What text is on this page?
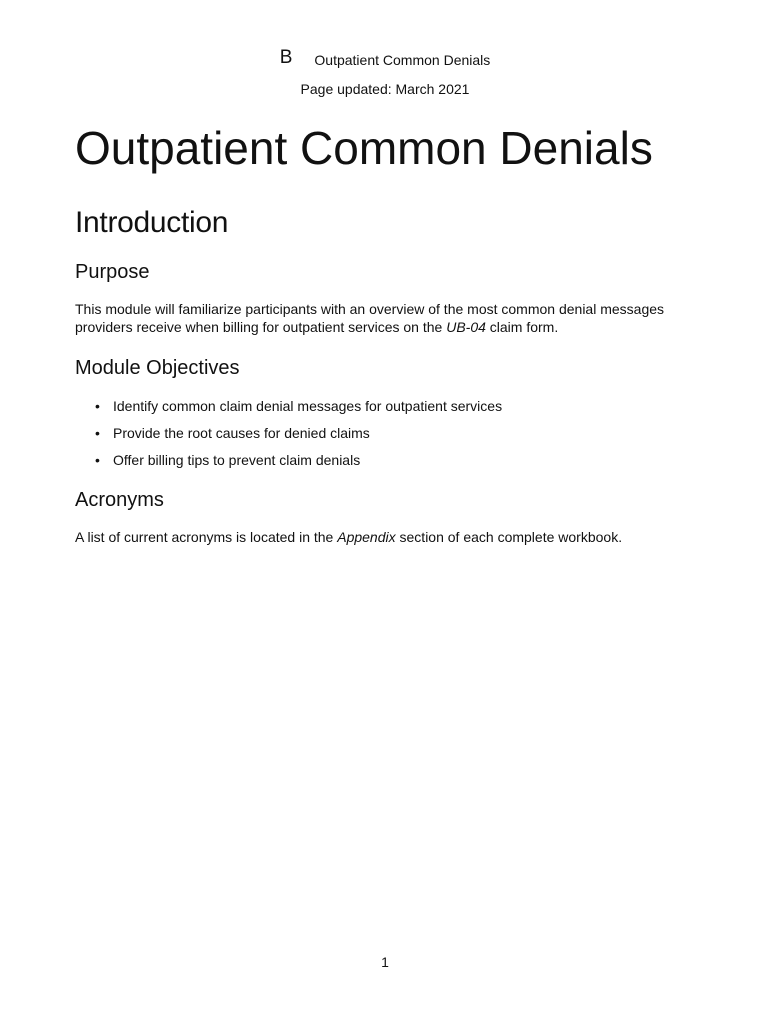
B Outpatient Common Denials
Page updated: March 2021
Outpatient Common Denials
Introduction
Purpose

This module will familiarize participants with an overview of the most common denial messages providers receive when billing for outpatient services on the UB-04 claim form.

Module Objectives
• Identify common claim denial messages for outpatient services
• Provide the root causes for denied claims
• Offer billing tips to prevent claim denials
Acronyms

A list of current acronyms is located in the Appendix section of each complete workbook.

1
